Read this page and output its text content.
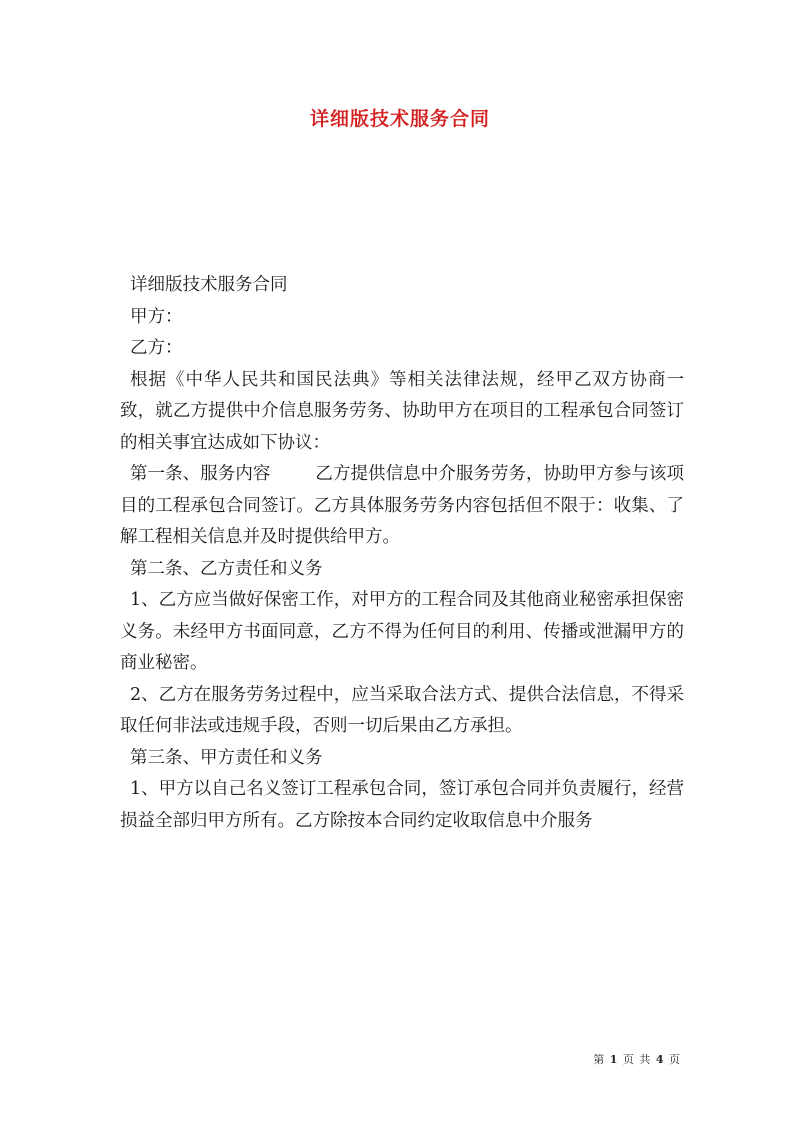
详细版技术服务合同

详细版技术服务合同

甲方：

乙方：

根据《中华人民共和国民法典》等相关法律法规，经甲乙双方协商一致，就乙方提供中介信息服务劳务、协助甲方在项目的工程承包合同签订的相关事宜达成如下协议：

第一条、服务内容        乙方提供信息中介服务劳务，协助甲方参与该项目的工程承包合同签订。乙方具体服务劳务内容包括但不限于：收集、了解工程相关信息并及时提供给甲方。

第二条、乙方责任和义务

1、乙方应当做好保密工作，对甲方的工程合同及其他商业秘密承担保密义务。未经甲方书面同意，乙方不得为任何目的利用、传播或泄漏甲方的商业秘密。

2、乙方在服务劳务过程中，应当采取合法方式、提供合法信息，不得采取任何非法或违规手段，否则一切后果由乙方承担。

第三条、甲方责任和义务

1、甲方以自己名义签订工程承包合同，签订承包合同并负责履行，经营损益全部归甲方所有。乙方除按本合同约定收取信息中介服务

第 1 页 共 4 页
